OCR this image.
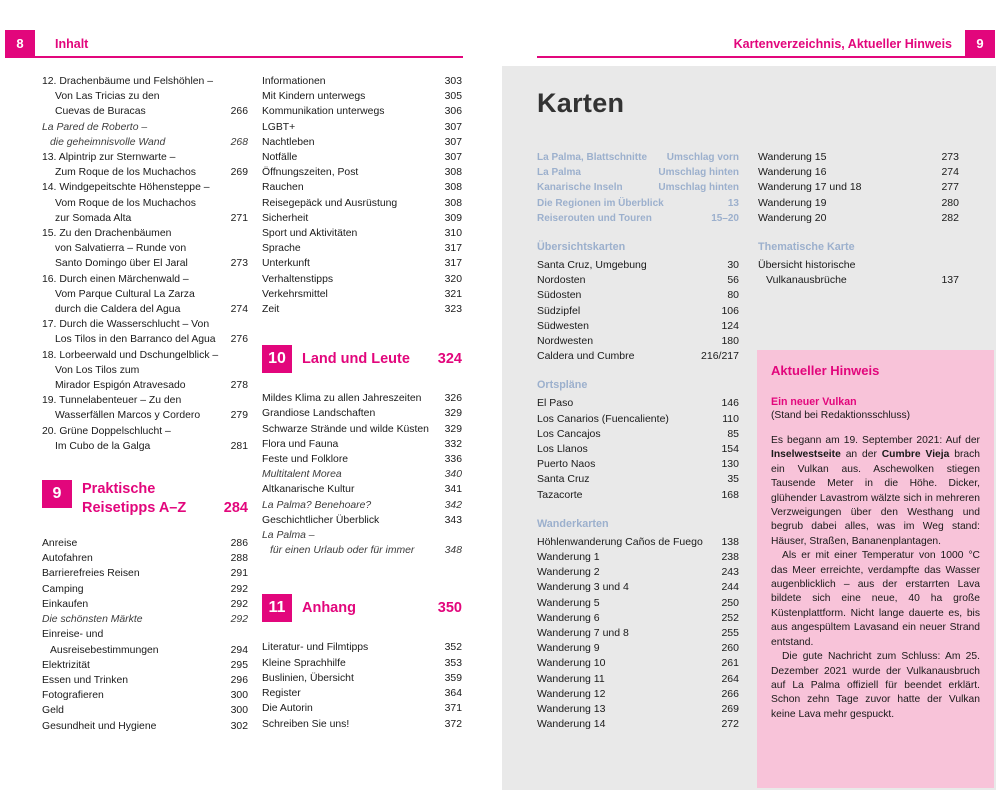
8	Inhalt	Kartenverzeichnis, Aktueller Hinweis	9
12. Drachenbäume und Felshöhlen –
Von Las Tricias zu den
Cuevas de Buracas	266
La Pared de Roberto –
die geheimnisvolle Wand	268
13. Alpintrip zur Sternwarte –
Zum Roque de los Muchachos	269
14. Windgepeitschte Höhensteppe –
Vom Roque de los Muchachos
zur Somada Alta	271
15. Zu den Drachenbäumen
von Salvatierra – Runde von
Santo Domingo über El Jaral	273
16. Durch einen Märchenwald –
Vom Parque Cultural La Zarza
durch die Caldera del Agua	274
17. Durch die Wasserschlucht – Von
Los Tilos in den Barranco del Agua	276
18. Lorbeerwald und Dschungelblick –
Von Los Tilos zum
Mirador Espigón Atravesado	278
19. Tunnelabenteuer – Zu den
Wasserfällen Marcos y Cordero	279
20. Grüne Doppelschlucht –
Im Cubo de la Galga	281
9	Praktische
Reisetipps A–Z	284
Anreise	286
Autofahren	288
Barrierefreies Reisen	291
Camping	292
Einkaufen	292
Die schönsten Märkte	292
Einreise- und
Ausreisebestimmungen	294
Elektrizität	295
Essen und Trinken	296
Fotografieren	300
Geld	300
Gesundheit und Hygiene	302
Informationen	303
Mit Kindern unterwegs	305
Kommunikation unterwegs	306
LGBT+	307
Nachtleben	307
Notfälle	307
Öffnungszeiten, Post	308
Rauchen	308
Reisegepäck und Ausrüstung	308
Sicherheit	309
Sport und Aktivitäten	310
Sprache	317
Unterkunft	317
Verhaltenstipps	320
Verkehrsmittel	321
Zeit	323
10	Land und Leute	324
Mildes Klima zu allen Jahreszeiten	326
Grandiose Landschaften	329
Schwarze Strände und wilde Küsten	329
Flora und Fauna	332
Feste und Folklore	336
Multitalent Morea	340
Altkanarische Kultur	341
La Palma? Benehoare?	342
Geschichtlicher Überblick	343
La Palma –
für einen Urlaub oder für immer	348
11	Anhang	350
Literatur- und Filmtipps	352
Kleine Sprachhilfe	353
Buslinien, Übersicht	359
Register	364
Die Autorin	371
Schreiben Sie uns!	372
Karten
La Palma, Blattschnitte	Umschlag vorn
La Palma	Umschlag hinten
Kanarische Inseln	Umschlag hinten
Die Regionen im Überblick	13
Reiserouten und Touren	15–20
Übersichtskarten
Santa Cruz, Umgebung	30
Nordosten	56
Südosten	80
Südzipfel	106
Südwesten	124
Nordwesten	180
Caldera und Cumbre	216/217
Ortspläne
El Paso	146
Los Canarios (Fuencaliente)	110
Los Cancajos	85
Los Llanos	154
Puerto Naos	130
Santa Cruz	35
Tazacorte	168
Wanderkarten
Höhlenwanderung Caños de Fuego	138
Wanderung 1	238
Wanderung 2	243
Wanderung 3 und 4	244
Wanderung 5	250
Wanderung 6	252
Wanderung 7 und 8	255
Wanderung 9	260
Wanderung 10	261
Wanderung 11	264
Wanderung 12	266
Wanderung 13	269
Wanderung 14	272
Wanderung 15	273
Wanderung 16	274
Wanderung 17 und 18	277
Wanderung 19	280
Wanderung 20	282
Thematische Karte
Übersicht historische
Vulkanausbrüche	137
Aktueller Hinweis
Ein neuer Vulkan
(Stand bei Redaktionsschluss)

Es begann am 19. September 2021: Auf der Inselwestseite an der Cumbre Vieja brach ein Vulkan aus. Aschewolken stiegen Tausende Meter in die Höhe. Dicker, glühender Lavastrom wälzte sich in mehreren Verzweigungen über den Westhang und begrub dabei alles, was im Weg stand: Häuser, Straßen, Bananenplantagen.

Als er mit einer Temperatur von 1000 °C das Meer erreichte, verdampfte das Wasser augenblicklich – aus der erstarrten Lava bildete sich eine neue, 40 ha große Küstenplattform. Nicht lange dauerte es, bis aus angespültem Lavasand ein neuer Strand entstand.

Die gute Nachricht zum Schluss: Am 25. Dezember 2021 wurde der Vulkanausbruch auf La Palma offiziell für beendet erklärt. Schon zehn Tage zuvor hatte der Vulkan keine Lava mehr gespuckt.
